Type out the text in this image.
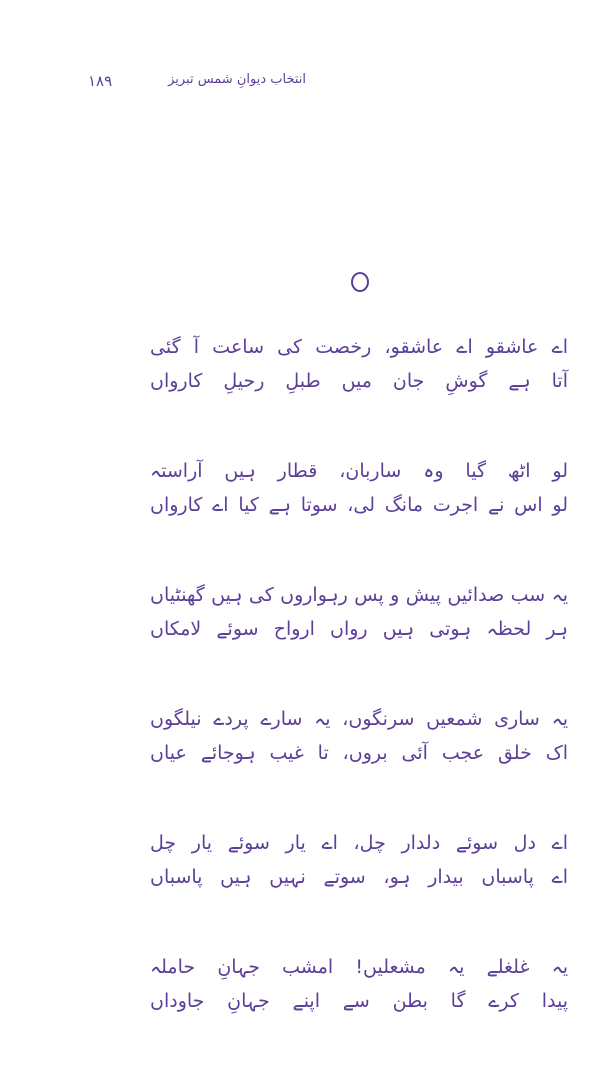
۱۸۹	انتخاب دیوانِ شمس تبریز
اے عاشقو اے عاشقو، رخصت کی ساعت آ گئی
آتا ہے گوشِ جان میں طبلِ رحیلِ کارواں
لو اٹھ گیا وہ ساربان، قطار ہیں آراستہ
لو اس نے اجرت مانگ لی، سوتا ہے کیا اے کارواں
یہ سب صدائیں پیش و پس رہواروں کی ہیں گھنٹیاں
ہر لحظہ ہوتی ہیں رواں ارواح سوئے لامکاں
یہ ساری شمعیں سرنگوں، یہ سارے پردے نیلگوں
اک خلق عجب آئی بروں، تا غیب ہوجائے عیاں
اے دل سوئے دلدار چل، اے یار سوئے یار چل
اے پاسباں بیدار ہو، سوتے نہیں ہیں پاسباں
یہ غلغلے یہ مشعلیں! امشب جہانِ حاملہ
پیدا کرے گا بطن سے اپنے جہانِ جاوداں
